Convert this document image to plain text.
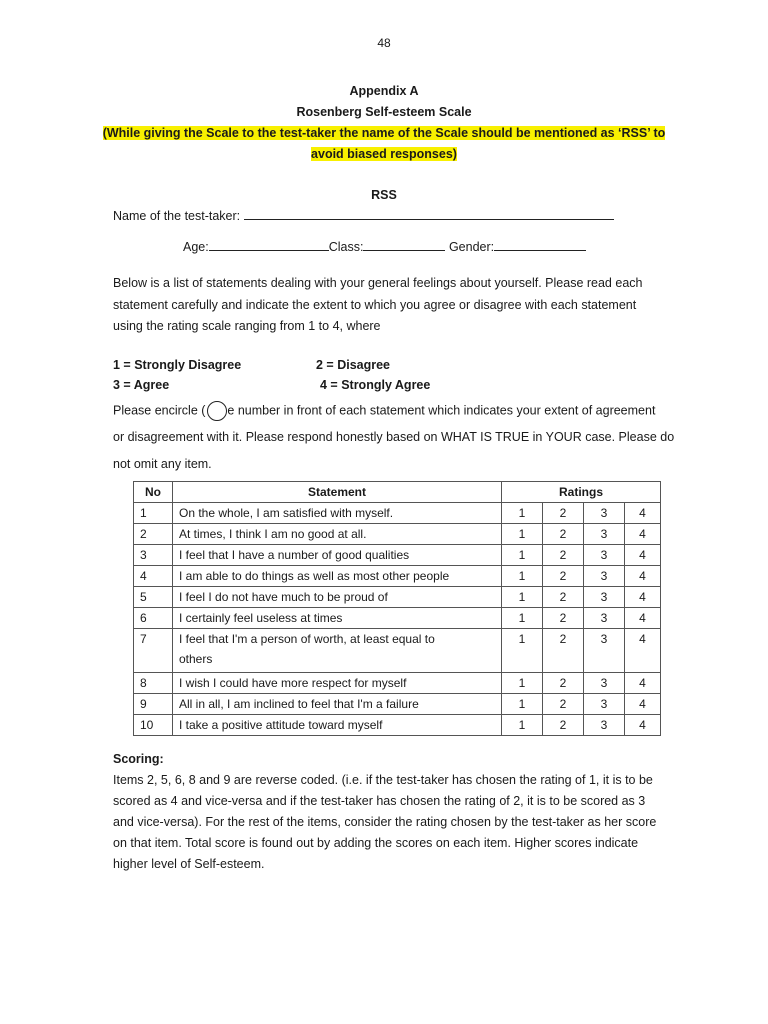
48
Appendix A
Rosenberg Self-esteem Scale
(While giving the Scale to the test-taker the name of the Scale should be mentioned as ‘RSS’ to
avoid biased responses)
RSS
Name of the test-taker:
Age:	Class:	Gender:
Below is a list of statements dealing with your general feelings about yourself. Please read each
statement carefully and indicate the extent to which you agree or disagree with each statement
using the rating scale ranging from 1 to 4, where
1 = Strongly Disagree	2 = Disagree
3 = Agree	4 = Strongly Agree
Please encircle ( e number in front of each statement which indicates your extent of agreement
or disagreement with it. Please respond honestly based on WHAT IS TRUE in YOUR case. Please do
not omit any item.
No	Statement	Ratings			
1	On the whole, I am satisfied with myself.	1	2	3	4
2	At times, I think I am no good at all.	1	2	3	4
3	I feel that I have a number of good qualities	1	2	3	4
4	I am able to do things as well as most other people	1	2	3	4
5	I feel I do not have much to be proud of	1	2	3	4
6	I certainly feel useless at times	1	2	3	4
7	I feel that I'm a person of worth, at least equal to
others	1	2	3	4
8	I wish I could have more respect for myself	1	2	3	4
9	All in all, I am inclined to feel that I'm a failure	1	2	3	4
10	I take a positive attitude toward myself	1	2	3	4
Scoring:
Items 2, 5, 6, 8 and 9 are reverse coded. (i.e. if the test-taker has chosen the rating of 1, it is to be
scored as 4 and vice-versa and if the test-taker has chosen the rating of 2, it is to be scored as 3
and vice-versa). For the rest of the items, consider the rating chosen by the test-taker as her score
on that item. Total score is found out by adding the scores on each item. Higher scores indicate
higher level of Self-esteem.
